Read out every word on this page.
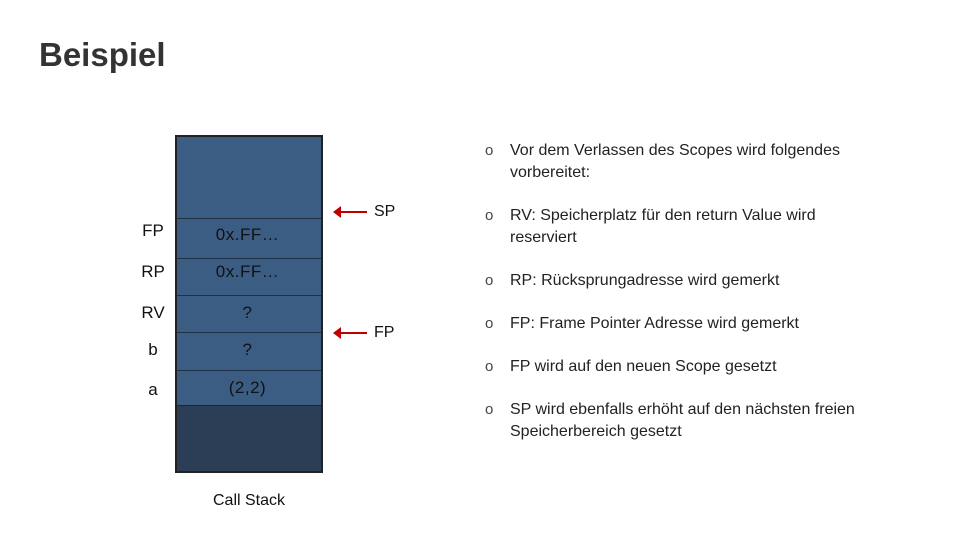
Beispiel
FP
RP
RV
b
a
0x.FF…
0x.FF…
?
?
(2,2)
SP
FP
Call Stack
o Vor dem Verlassen des Scopes wird folgendes vorbereitet:
o RV: Speicherplatz für den return Value wird reserviert
o RP: Rücksprungadresse wird gemerkt
o FP: Frame Pointer Adresse wird gemerkt
o FP wird auf den neuen Scope gesetzt
o SP wird ebenfalls erhöht auf den nächsten freien Speicherbereich gesetzt
